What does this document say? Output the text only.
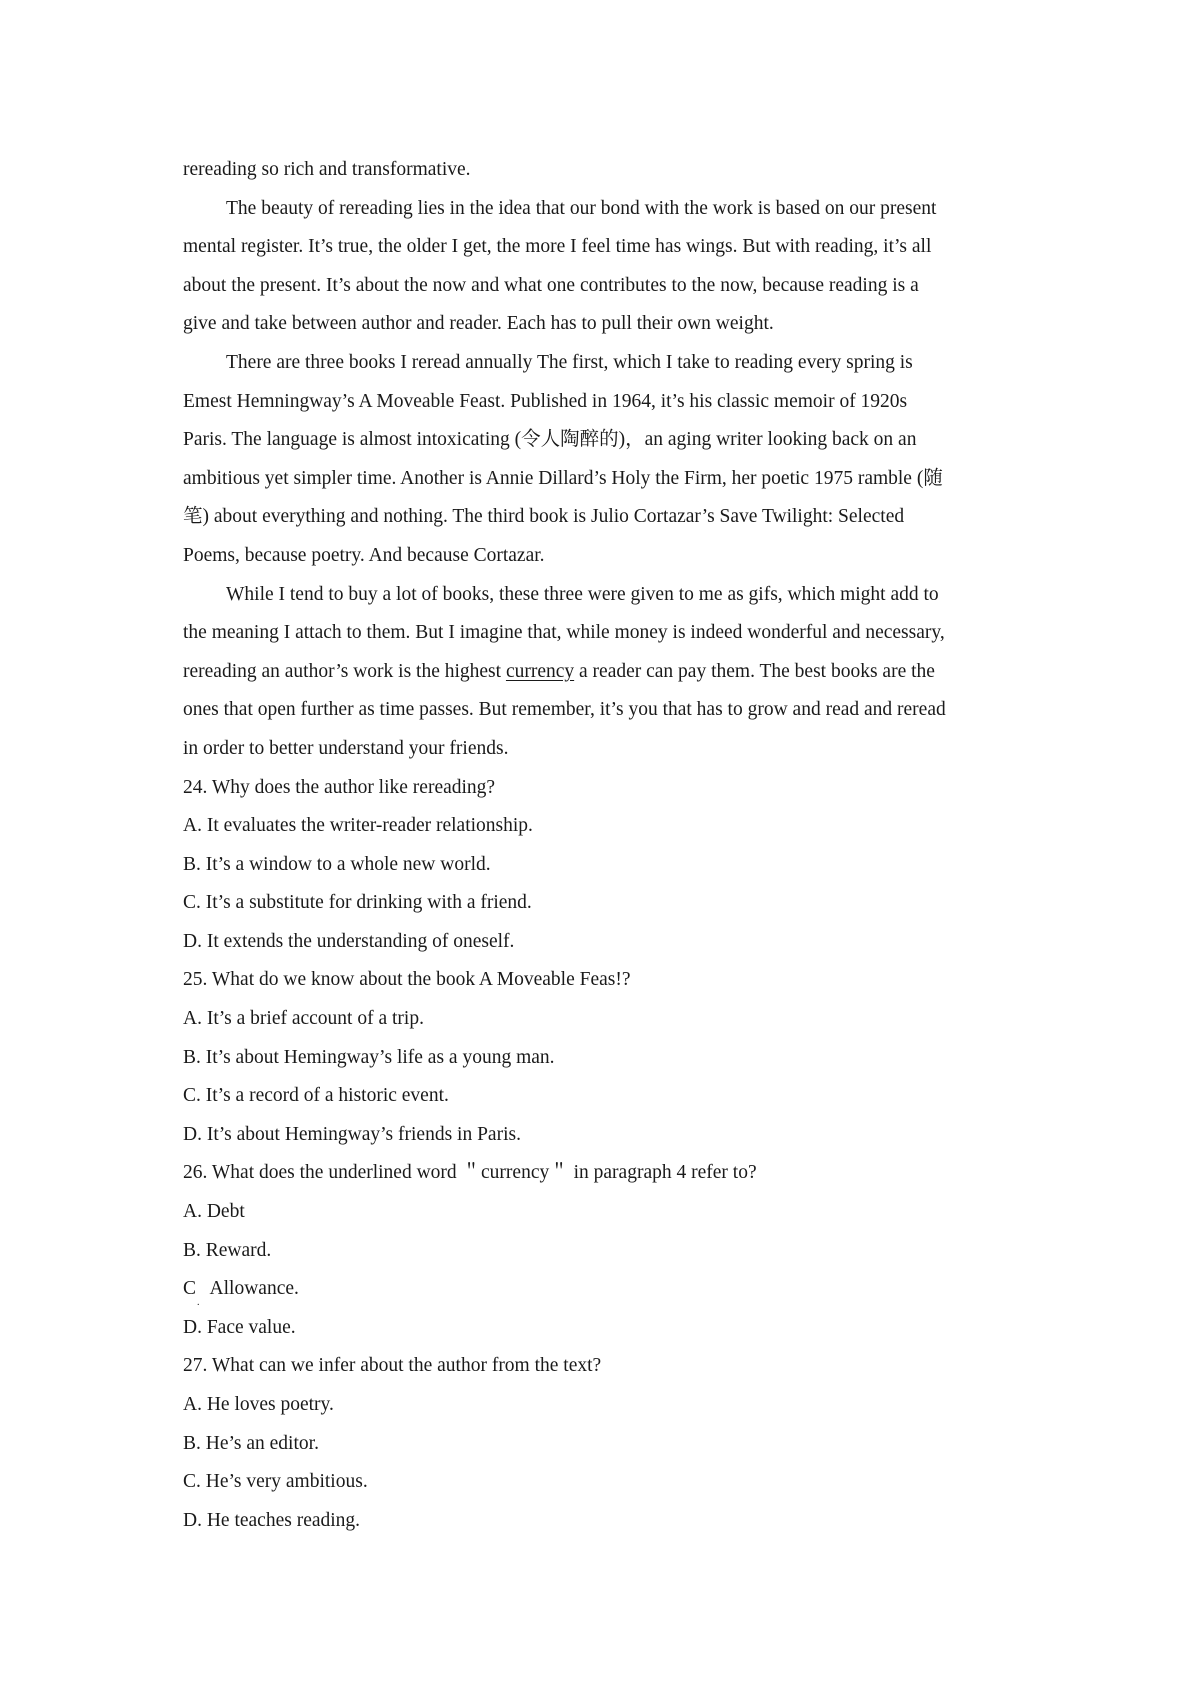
rereading so rich and transformative.
The beauty of rereading lies in the idea that our bond with the work is based on our present
mental register. It’s true, the older I get, the more I feel time has wings. But with reading, it’s all
about the present. It’s about the now and what one contributes to the now, because reading is a
give and take between author and reader. Each has to pull their own weight.
There are three books I reread annually The first, which I take to reading every spring is
Emest Hemningway’s A Moveable Feast. Published in 1964, it’s his classic memoir of 1920s
Paris. The language is almost intoxicating (令人陶醉的)，an aging writer looking back on an
ambitious yet simpler time. Another is Annie Dillard’s Holy the Firm, her poetic 1975 ramble (随
笔) about everything and nothing. The third book is Julio Cortazar’s Save Twilight: Selected
Poems, because poetry. And because Cortazar.
While I tend to buy a lot of books, these three were given to me as gifs, which might add to
the meaning I attach to them. But I imagine that, while money is indeed wonderful and necessary,
rereading an author’s work is the highest currency a reader can pay them. The best books are the
ones that open further as time passes. But remember, it’s you that has to grow and read and reread
in order to better understand your friends.
24. Why does the author like rereading?
A. It evaluates the writer-reader relationship.
B. It’s a window to a whole new world.
C. It’s a substitute for drinking with a friend.
D. It extends the understanding of oneself.
25. What do we know about the book A Moveable Feas!?
A. It’s a brief account of a trip.
B. It’s about Hemingway’s life as a young man.
C. It’s a record of a historic event.
D. It’s about Hemingway’s friends in Paris.
26. What does the underlined word ＂currency＂ in paragraph 4 refer to?
A. Debt
B. Reward.
C   Allowance.
.
D. Face value.
27. What can we infer about the author from the text?
A. He loves poetry.
B. He’s an editor.
C. He’s very ambitious.
D. He teaches reading.
